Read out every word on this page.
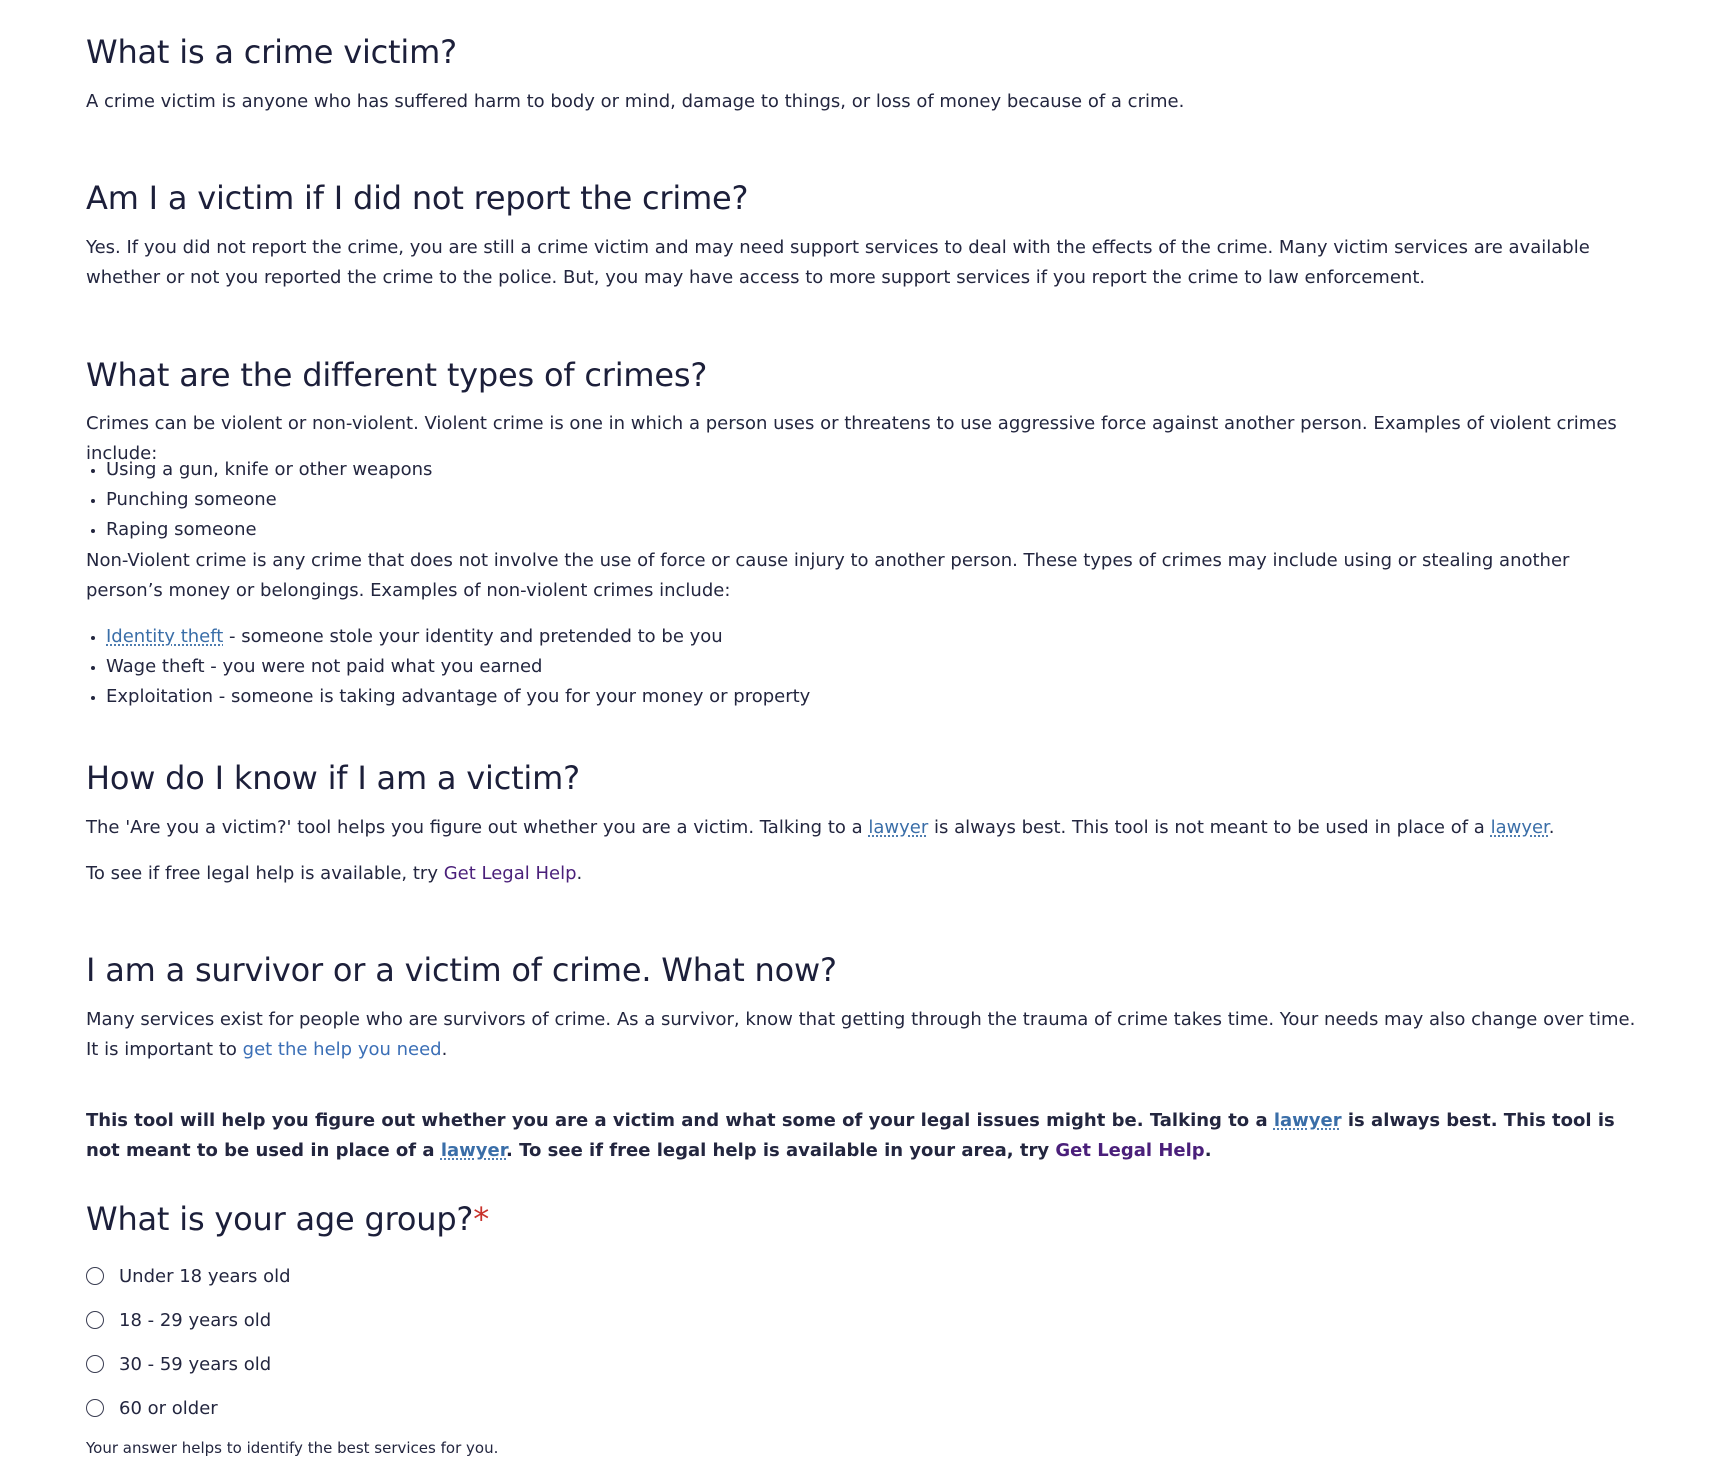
What is a crime victim?

A crime victim is anyone who has suffered harm to body or mind, damage to things, or loss of money because of a crime.

Am I a victim if I did not report the crime?

Yes. If you did not report the crime, you are still a crime victim and may need support services to deal with the effects of the crime. Many victim services are available whether or not you reported the crime to the police. But, you may have access to more support services if you report the crime to law enforcement.

What are the different types of crimes?

Crimes can be violent or non-violent. Violent crime is one in which a person uses or threatens to use aggressive force against another person. Examples of violent crimes include:

• Using a gun, knife or other weapons
• Punching someone
• Raping someone

Non-Violent crime is any crime that does not involve the use of force or cause injury to another person. These types of crimes may include using or stealing another person’s money or belongings. Examples of non-violent crimes include:

• Identity theft - someone stole your identity and pretended to be you
• Wage theft - you were not paid what you earned
• Exploitation - someone is taking advantage of you for your money or property
How do I know if I am a victim?

The 'Are you a victim?' tool helps you figure out whether you are a victim. Talking to a lawyer is always best. This tool is not meant to be used in place of a lawyer.

To see if free legal help is available, try Get Legal Help.

I am a survivor or a victim of crime. What now?

Many services exist for people who are survivors of crime. As a survivor, know that getting through the trauma of crime takes time. Your needs may also change over time. It is important to get the help you need.

This tool will help you figure out whether you are a victim and what some of your legal issues might be. Talking to a lawyer is always best. This tool is not meant to be used in place of a lawyer. To see if free legal help is available in your area, try Get Legal Help.

What is your age group?*
Under 18 years old
18 - 29 years old
30 - 59 years old
60 or older

Your answer helps to identify the best services for you.
